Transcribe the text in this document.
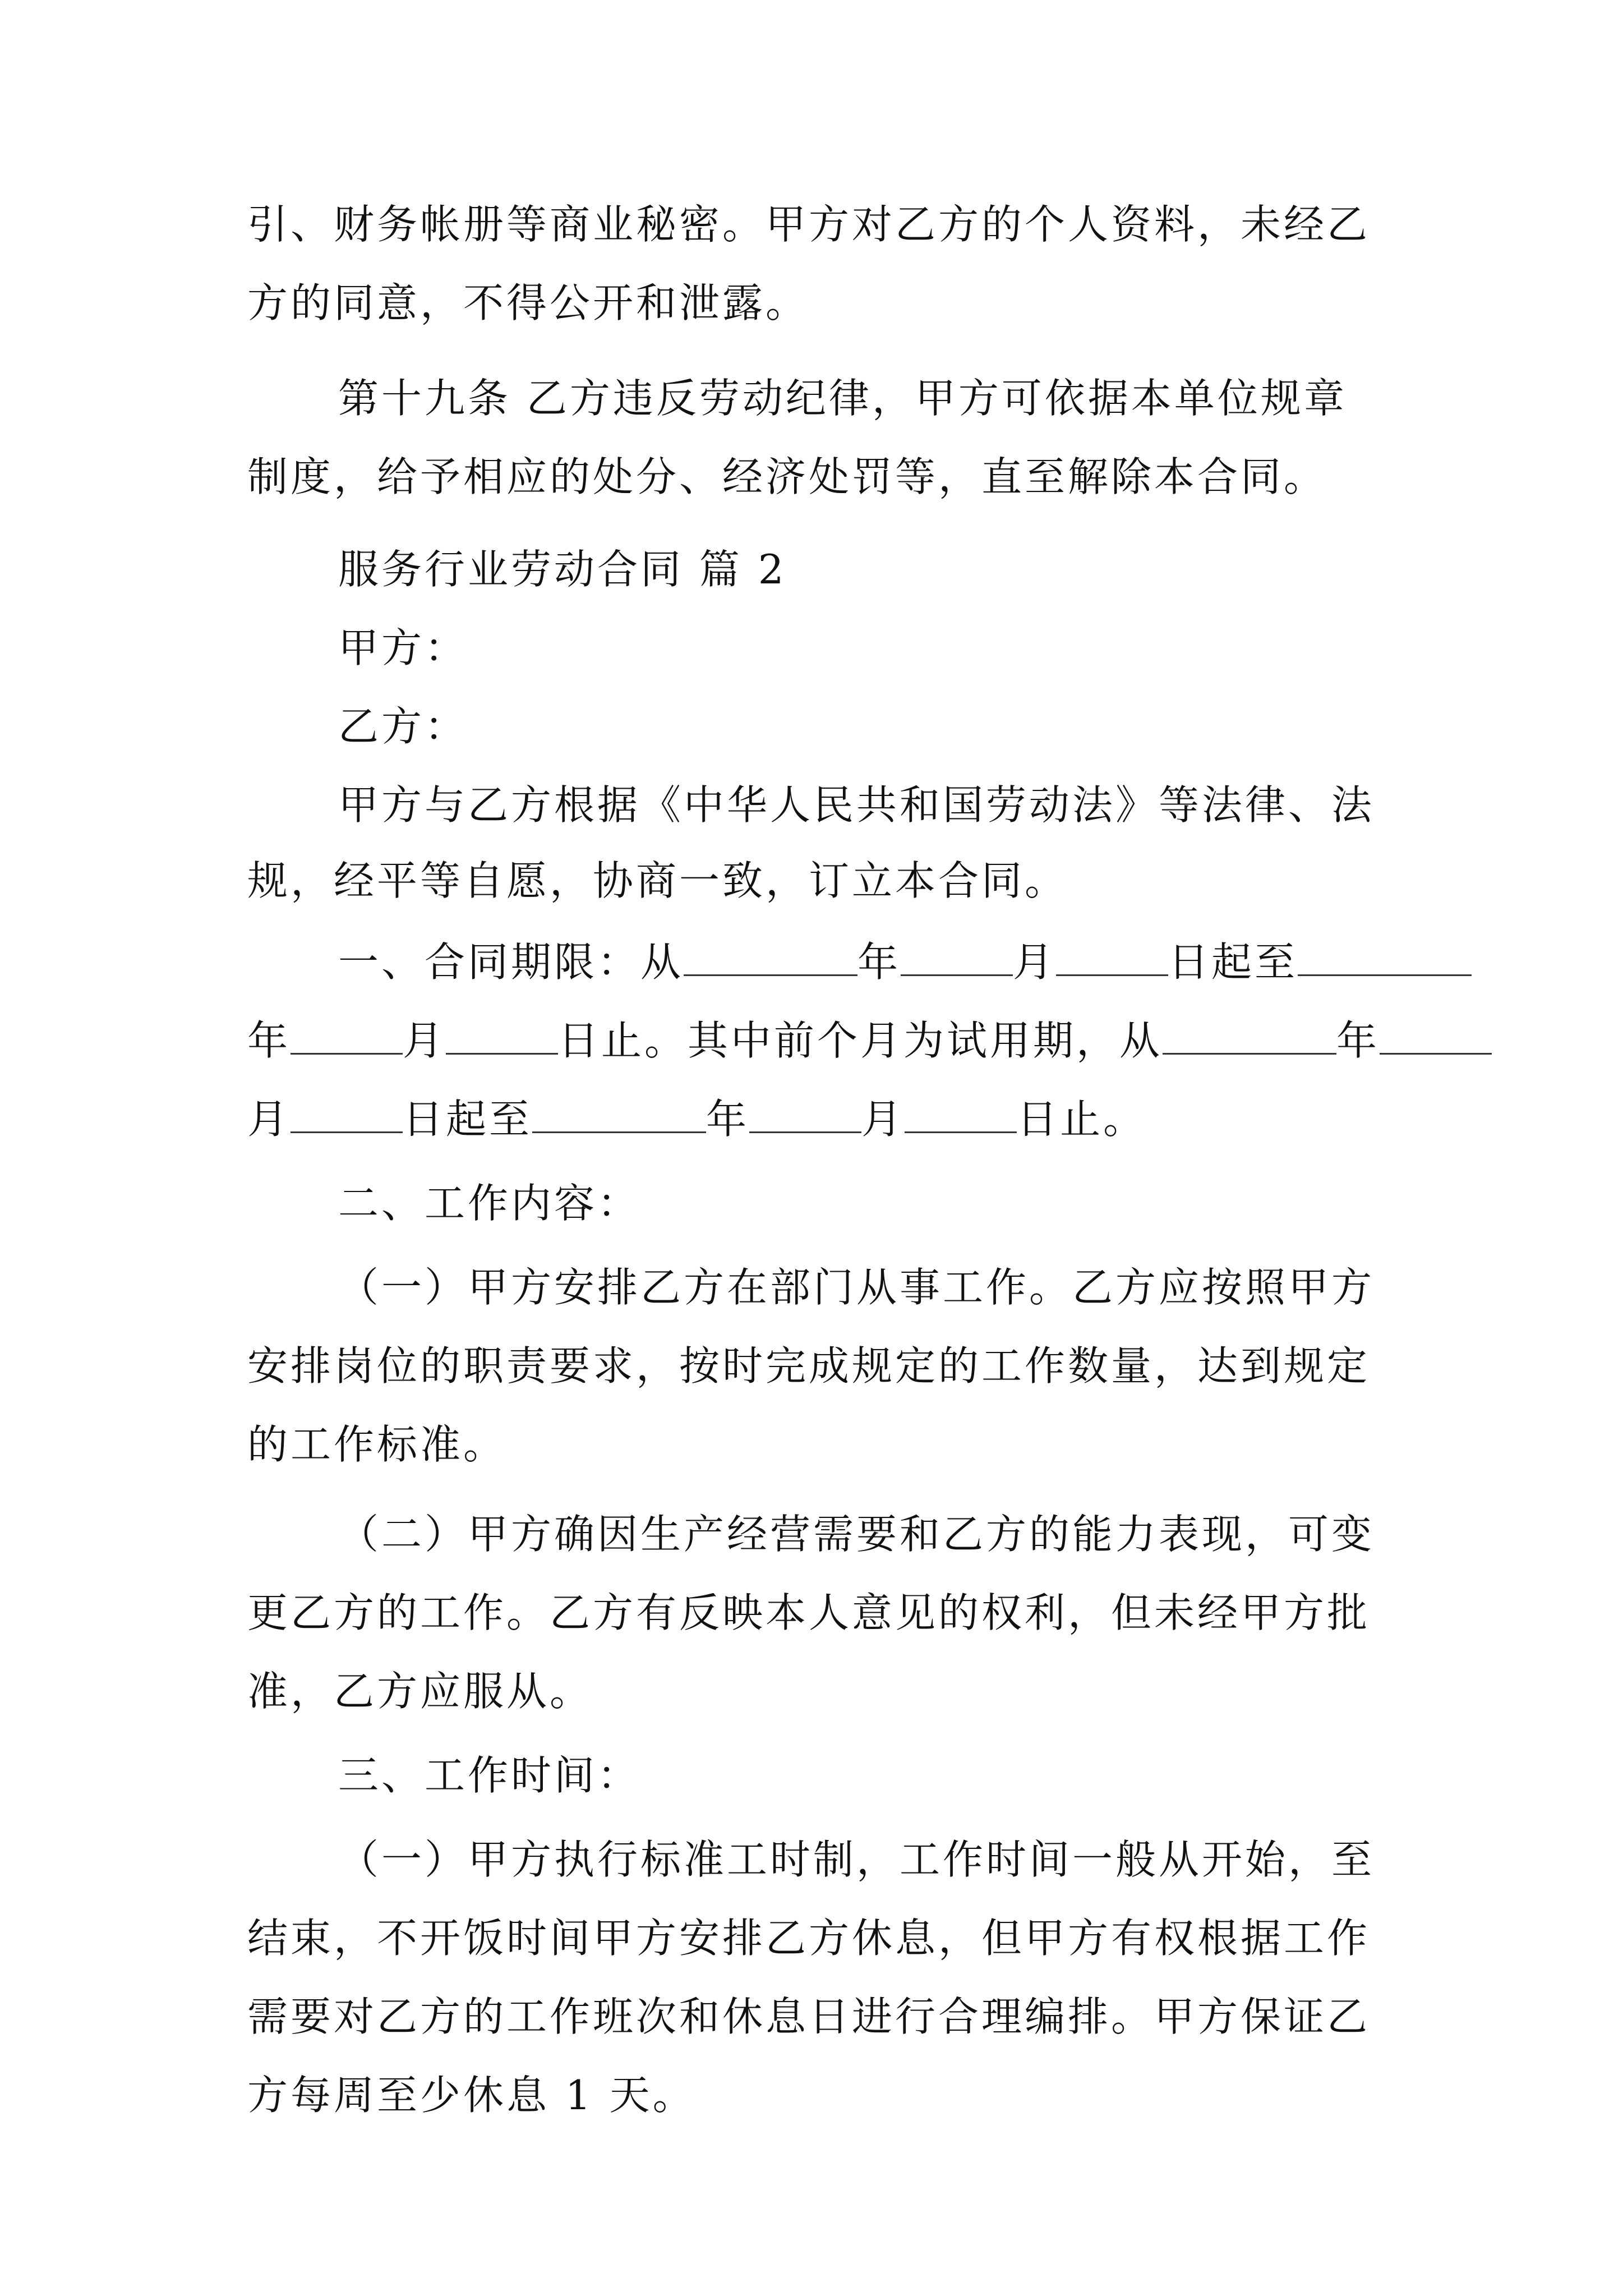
引、财务帐册等商业秘密。甲方对乙方的个人资料，未经乙
方的同意，不得公开和泄露。
第十九条 乙方违反劳动纪律，甲方可依据本单位规章
制度，给予相应的处分、经济处罚等，直至解除本合同。
服务行业劳动合同 篇 2
甲方：
乙方：
甲方与乙方根据《中华人民共和国劳动法》等法律、法
规，经平等自愿，协商一致，订立本合同。
一、合同期限：从	年	月	日起至
年	月	日止。其中前个月为试用期，从	年
月	日起至	年	月	日止。
二、工作内容：
（一）甲方安排乙方在部门从事工作。乙方应按照甲方
安排岗位的职责要求，按时完成规定的工作数量，达到规定
的工作标准。
（二）甲方确因生产经营需要和乙方的能力表现，可变
更乙方的工作。乙方有反映本人意见的权利，但未经甲方批
准，乙方应服从。
三、工作时间：
（一）甲方执行标准工时制，工作时间一般从开始，至
结束，不开饭时间甲方安排乙方休息，但甲方有权根据工作
需要对乙方的工作班次和休息日进行合理编排。甲方保证乙
方每周至少休息 1 天。
